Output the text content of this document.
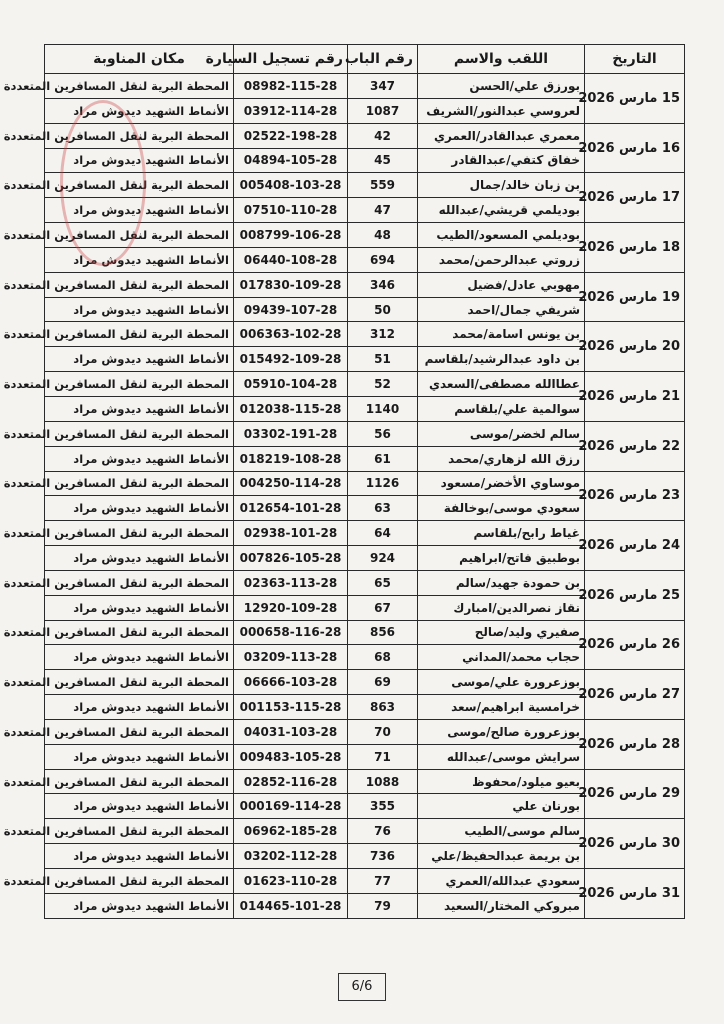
التاريخ	اللقب والاسم	رقم الباب	رقم تسجيل السيارة	مكان المناوبة
15 مارس 2026	بورزق علي/الحسن	347	08982-115-28	المحطة البرية لنقل المسافرين المتعددة
	لعروسي عبدالنور/الشريف	1087	03912-114-28	الأنماط الشهيد ديدوش مراد
16 مارس 2026	معمري عبدالقادر/العمري	42	02522-198-28	المحطة البرية لنقل المسافرين المتعددة
	خفاق كتفي/عبدالقادر	45	04894-105-28	الأنماط الشهيد ديدوش مراد
17 مارس 2026	بن زبان خالد/جمال	559	005408-103-28	المحطة البرية لنقل المسافرين المتعددة
	بوديلمي قريشي/عبدالله	47	07510-110-28	الأنماط الشهيد ديدوش مراد
18 مارس 2026	بوديلمي المسعود/الطيب	48	008799-106-28	المحطة البرية لنقل المسافرين المتعددة
	زروتي عبدالرحمن/محمد	694	06440-108-28	الأنماط الشهيد ديدوش مراد
19 مارس 2026	مهوبي عادل/فضيل	346	017830-109-28	المحطة البرية لنقل المسافرين المتعددة
	شريفي جمال/احمد	50	09439-107-28	الأنماط الشهيد ديدوش مراد
20 مارس 2026	بن يونس اسامة/محمد	312	006363-102-28	المحطة البرية لنقل المسافرين المتعددة
	بن داود عبدالرشيد/بلقاسم	51	015492-109-28	الأنماط الشهيد ديدوش مراد
21 مارس 2026	عطاالله مصطفى/السعدي	52	05910-104-28	المحطة البرية لنقل المسافرين المتعددة
	سوالمية علي/بلقاسم	1140	012038-115-28	الأنماط الشهيد ديدوش مراد
22 مارس 2026	سالم لخضر/موسى	56	03302-191-28	المحطة البرية لنقل المسافرين المتعددة
	رزق الله لزهاري/محمد	61	018219-108-28	الأنماط الشهيد ديدوش مراد
23 مارس 2026	موساوي الأخضر/مسعود	1126	004250-114-28	المحطة البرية لنقل المسافرين المتعددة
	سعودي موسى/بوخالفة	63	012654-101-28	الأنماط الشهيد ديدوش مراد
24 مارس 2026	غياط رابح/بلقاسم	64	02938-101-28	المحطة البرية لنقل المسافرين المتعددة
	بوطبيق فاتح/ابراهيم	924	007826-105-28	الأنماط الشهيد ديدوش مراد
25 مارس 2026	بن حمودة جهيد/سالم	65	02363-113-28	المحطة البرية لنقل المسافرين المتعددة
	نقاز نصرالدين/امبارك	67	12920-109-28	الأنماط الشهيد ديدوش مراد
26 مارس 2026	صفيري وليد/صالح	856	000658-116-28	المحطة البرية لنقل المسافرين المتعددة
	حجاب محمد/المداني	68	03209-113-28	الأنماط الشهيد ديدوش مراد
27 مارس 2026	بوزعرورة علي/موسى	69	06666-103-28	المحطة البرية لنقل المسافرين المتعددة
	خرامسية ابراهيم/سعد	863	001153-115-28	الأنماط الشهيد ديدوش مراد
28 مارس 2026	بوزعرورة صالح/موسى	70	04031-103-28	المحطة البرية لنقل المسافرين المتعددة
	سرايش موسى/عبدالله	71	009483-105-28	الأنماط الشهيد ديدوش مراد
29 مارس 2026	بعيو ميلود/محفوظ	1088	02852-116-28	المحطة البرية لنقل المسافرين المتعددة
	بورنان علي	355	000169-114-28	الأنماط الشهيد ديدوش مراد
30 مارس 2026	سالم موسى/الطيب	76	06962-185-28	المحطة البرية لنقل المسافرين المتعددة
	بن بريمة عبدالحفيظ/علي	736	03202-112-28	الأنماط الشهيد ديدوش مراد
31 مارس 2026	سعودي عبدالله/العمري	77	01623-110-28	المحطة البرية لنقل المسافرين المتعددة
	مبروكي المختار/السعيد	79	014465-101-28	الأنماط الشهيد ديدوش مراد
6/6
